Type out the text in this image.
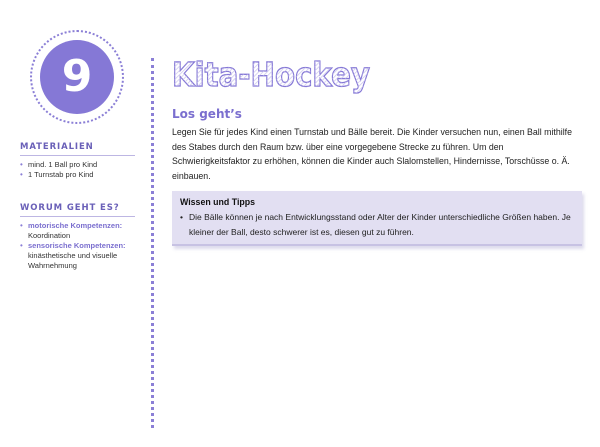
9
MATERIALIEN
• mind. 1 Ball pro Kind
• 1 Turnstab pro Kind
WORUM GEHT ES?
• motorische Kompetenzen:
Koordination
• sensorische Kompetenzen:
kinästhetische und visuelle Wahrnehmung
Kita-Hockey
Los geht’s

Legen Sie für jedes Kind einen Turnstab und Bälle bereit. Die Kinder versuchen nun, einen Ball mithilfe des Stabes durch den Raum bzw. über eine vorgegebene Strecke zu führen. Um den Schwierigkeitsfaktor zu erhöhen, können die Kinder auch Slalomstellen, Hindernisse, Torschüsse o. Ä. einbauen.

Wissen und Tipps
• Die Bälle können je nach Entwicklungsstand oder Alter der Kinder unterschiedliche Größen haben. Je kleiner der Ball, desto schwerer ist es, diesen gut zu führen.
